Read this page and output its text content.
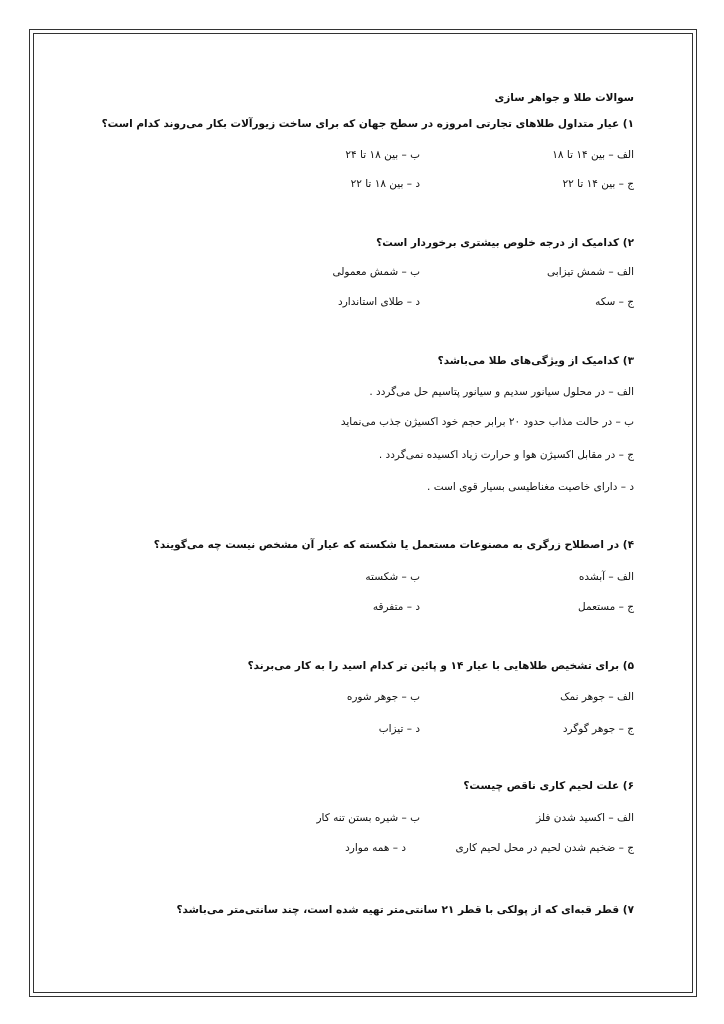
سوالات طلا و جواهر سازی
۱) عیار متداول طلاهای تجارتی امروزه در سطح جهان که برای ساخت زیورآلات بکار می‌روند کدام است؟
الف – بین ۱۴ تا ۱۸
ب – بین ۱۸ تا ۲۴
ج – بین ۱۴ تا ۲۲
د – بین ۱۸ تا ۲۲
۲) کدامیک از درجه خلوص بیشتری برخوردار است؟
الف – شمش تیزابی
ب – شمش معمولی
ج – سکه
د – طلای استاندارد
۳) کدامیک از ویژگی‌های طلا می‌باشد؟
الف – در محلول سیانور سدیم و سیانور پتاسیم حل می‌گردد .
ب – در حالت مذاب حدود ۲۰ برابر حجم خود اکسیژن جذب می‌نماید
ج – در مقابل اکسیژن هوا و حرارت زیاد اکسیده نمی‌گردد .
د – دارای خاصیت مغناطیسی بسیار قوی است .
۴) در اصطلاح زرگری به مصنوعات مستعمل یا شکسته که عیار آن مشخص نیست چه می‌گویند؟
الف – آبشده
ب – شکسته
ج – مستعمل
د – متفرقه
۵) برای تشخیص طلاهایی با عیار ۱۴ و پائین تر کدام اسید را به کار می‌برند؟
الف – جوهر نمک
ب – جوهر شوره
ج – جوهر گوگرد
د – تیزاب
۶) علت لحیم کاری ناقص چیست؟
الف – اکسید شدن فلز
ب – شیره بستن تنه کار
ج – ضخیم شدن لحیم در محل لحیم کاری
د – همه موارد
۷) قطر قبه‌ای که از پولکی با قطر ۲۱ سانتی‌متر تهیه شده است، چند سانتی‌متر می‌باشد؟
